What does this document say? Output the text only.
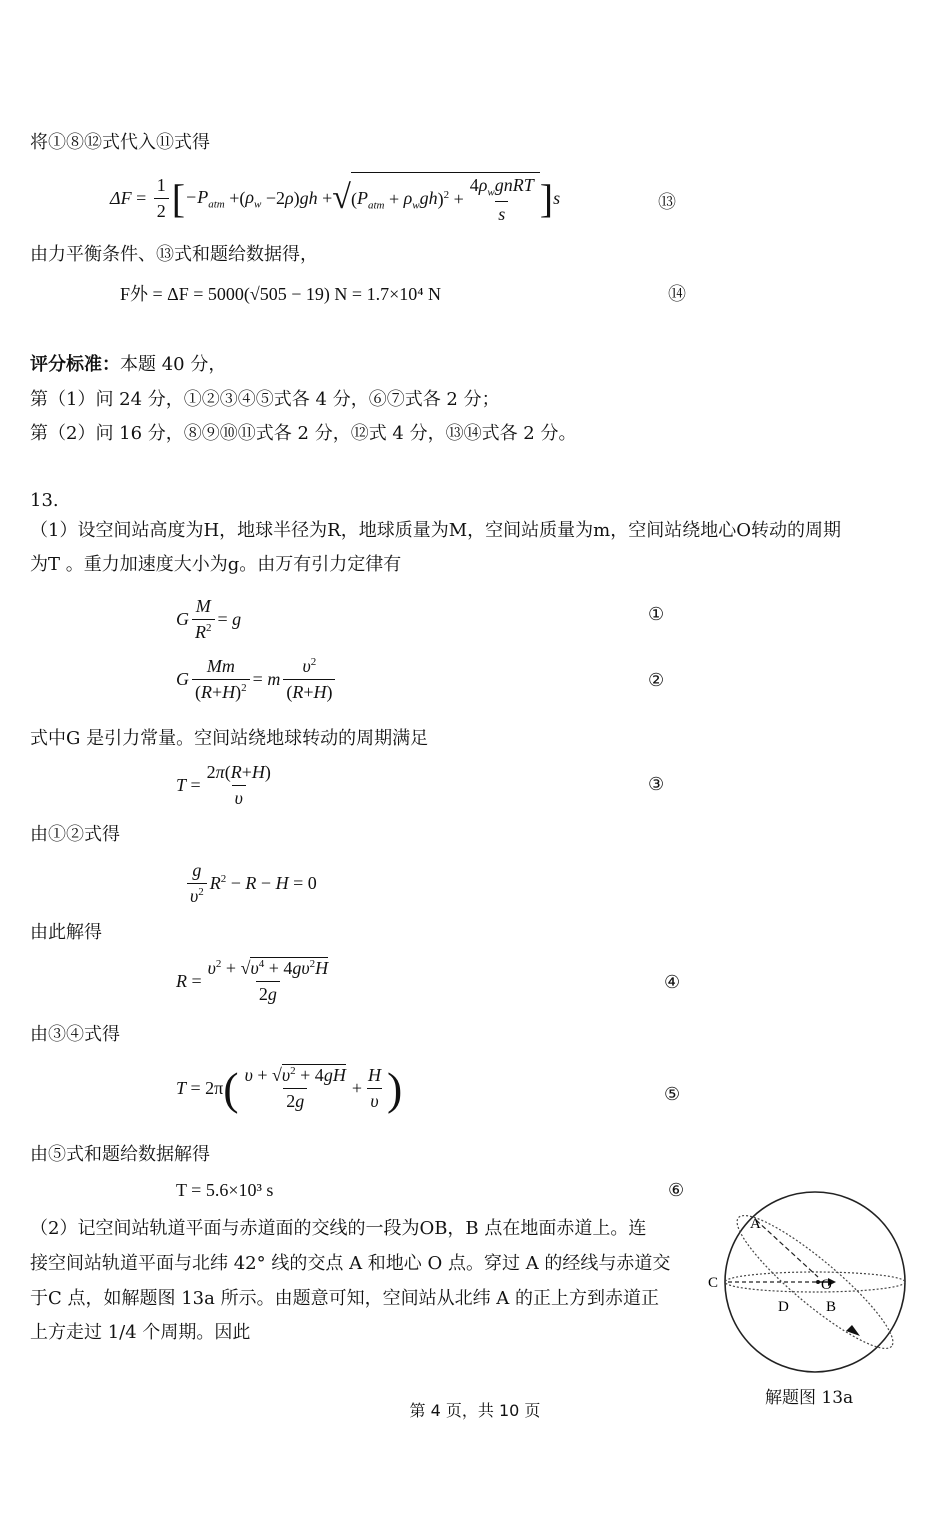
将①⑧⑫式代入⑪式得
$\Delta F = \frac{1}{2}$ [ $-P_{atm}$ +( $\rho_w -2$ ρ ) gh + √ ( $P_{atm} + \rho_wgh$ )$^2 + \frac{4\rho_wgnRT}{s}$ ] s	⑬
由力平衡条件、⑬式和题给数据得，
F外 = ΔF = 5000(√505 − 19) N = 1.7×10⁴ N	⑭
评分标准：本题 40 分，
第（1）问 24 分，①②③④⑤式各 4 分，⑥⑦式各 2 分；
第（2）问 16 分，⑧⑨⑩⑪式各 2 分，⑫式 4 分，⑬⑭式各 2 分。
13.
（1）设空间站高度为H，地球半径为R，地球质量为M，空间站质量为m，空间站绕地心O转动的周期
为T 。重力加速度大小为g。由万有引力定律有
G $\frac{M}{R^2} = g$	①
G $\frac{Mm}{(R+H)^2} = m \frac{\upsilon^2}{(R+H)}$	②
式中G 是引力常量。空间站绕地球转动的周期满足
$T = \frac{2\pi(R+H)}{\upsilon}$	③
由①②式得
$\frac{g}{\upsilon^2} R^2 - R - H = 0$
由此解得
$R = \frac{\upsilon^2 + √\upsilon^4 + 4g\upsilon^2H}{2g}$	④
由③④式得
T = 2π ( $\frac{\upsilon + √\upsilon^2 + 4gH}{2g} + \frac{H}{\upsilon}$ )	⑤
由⑤式和题给数据解得
T = 5.6×10³ s	⑥
（2）记空间站轨道平面与赤道面的交线的一段为OB，B 点在地面赤道上。连
接空间站轨道平面与北纬 42° 线的交点 A 和地心 O 点。穿过 A 的经线与赤道交
于C 点，如解题图 13a 所示。由题意可知，空间站从北纬 A 的正上方到赤道正
上方走过 1/4 个周期。因此
A
C	O
D B
解题图 13a
第 4 页，共 10 页
